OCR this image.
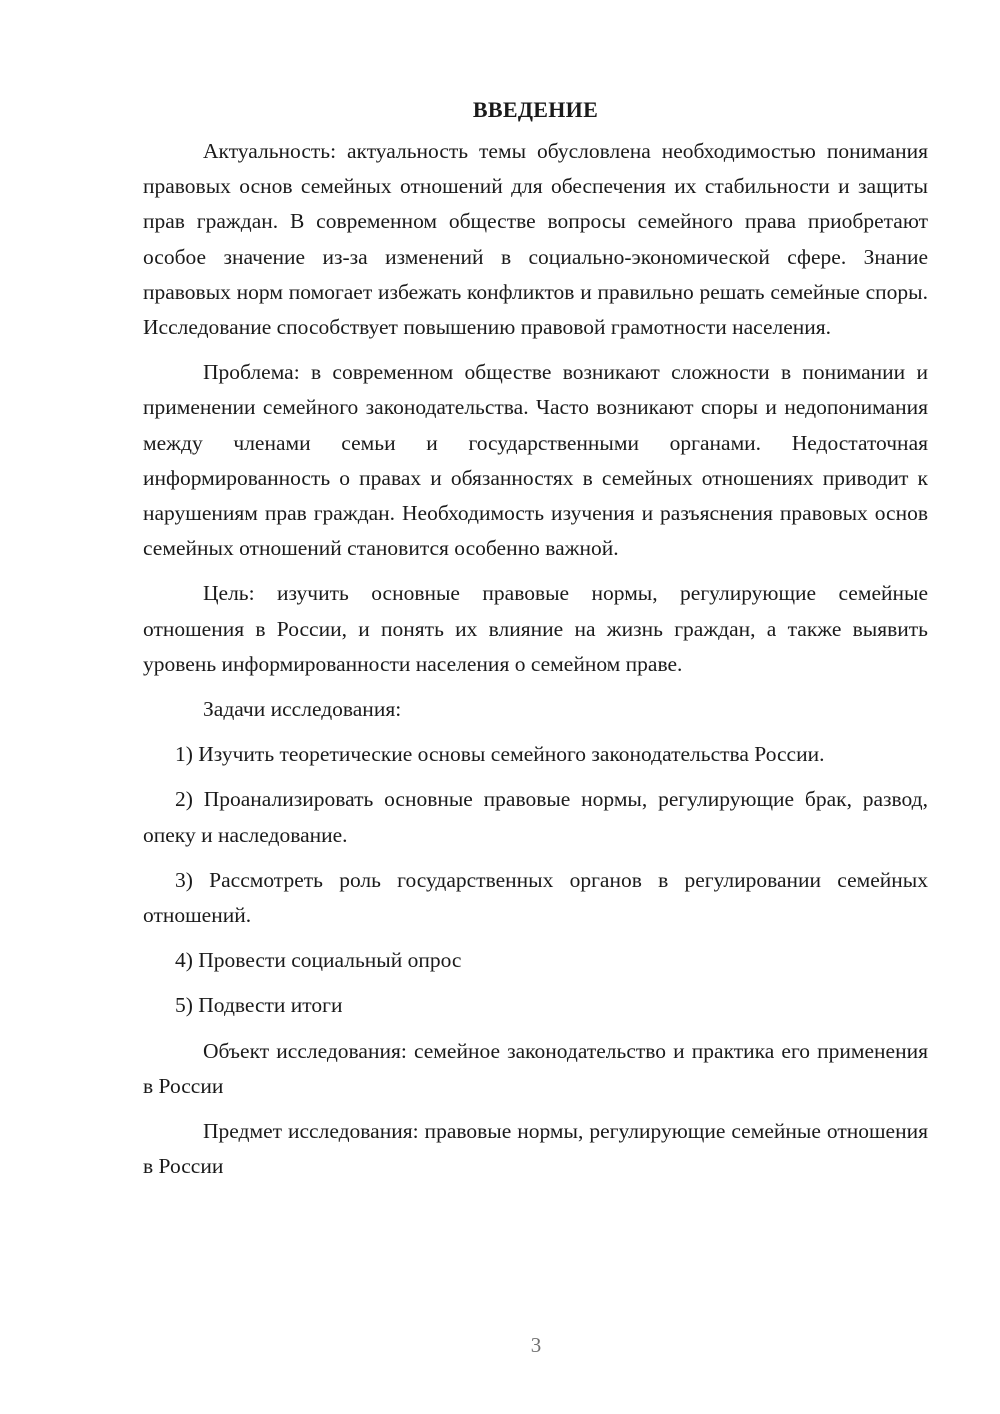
ВВЕДЕНИЕ

Актуальность: актуальность темы обусловлена необходимостью понимания правовых основ семейных отношений для обеспечения их стабильности и защиты прав граждан. В современном обществе вопросы семейного права приобретают особое значение из-за изменений в социально-экономической сфере. Знание правовых норм помогает избежать конфликтов и правильно решать семейные споры. Исследование способствует повышению правовой грамотности населения.

Проблема: в современном обществе возникают сложности в понимании и применении семейного законодательства. Часто возникают споры и недопонимания между членами семьи и государственными органами. Недостаточная информированность о правах и обязанностях в семейных отношениях приводит к нарушениям прав граждан. Необходимость изучения и разъяснения правовых основ семейных отношений становится особенно важной.

Цель: изучить основные правовые нормы, регулирующие семейные отношения в России, и понять их влияние на жизнь граждан, а также выявить уровень информированности населения о семейном праве.

Задачи исследования:

1) Изучить теоретические основы семейного законодательства России.

2) Проанализировать основные правовые нормы, регулирующие брак, развод, опеку и наследование.

3) Рассмотреть роль государственных органов в регулировании семейных отношений.

4) Провести социальный опрос

5) Подвести итоги

Объект исследования: семейное законодательство и практика его применения в России

Предмет исследования: правовые нормы, регулирующие семейные отношения в России

3
